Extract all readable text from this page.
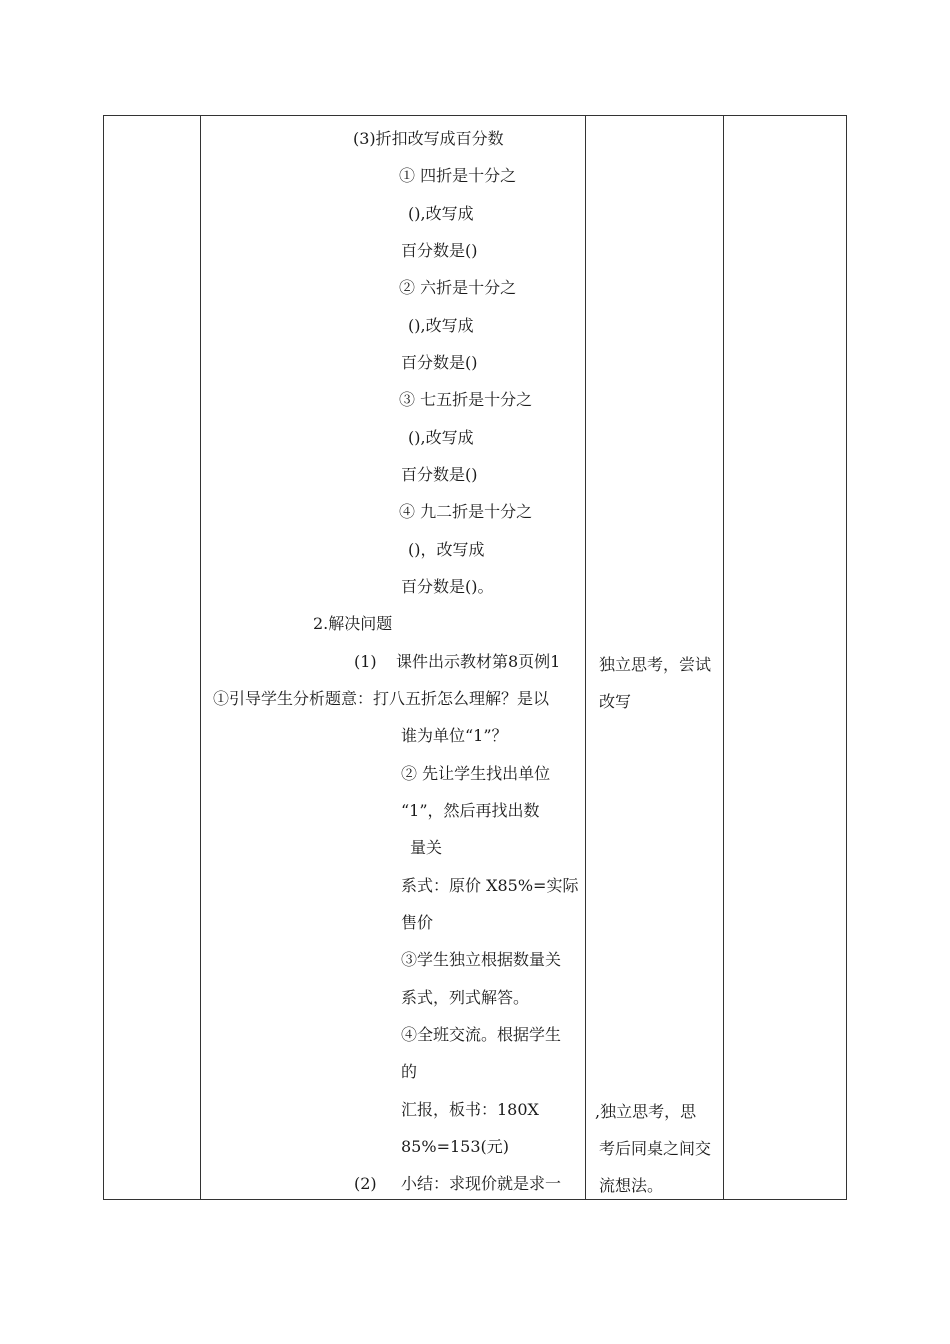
(3)折扣改写成百分数
① 四折是十分之
(),改写成
百分数是()
② 六折是十分之
(),改写成
百分数是()
③ 七五折是十分之
(),改写成
百分数是()
④ 九二折是十分之
()，改写成
百分数是()。
2.解决问题
(1) 课件出示教材第8页例1
①引导学生分析题意：打八五折怎么理解？是以
谁为单位“1”？
② 先让学生找出单位
“1”，然后再找出数
量关
系式：原价 X85%=实际
售价
③学生独立根据数量关
系式，列式解答。
④全班交流。根据学生
的
汇报，板书：180X
85%=153(元)
(2) 小结：求现价就是求一
独立思考，尝试
改写
,独立思考，思
考后同桌之间交
流想法。
